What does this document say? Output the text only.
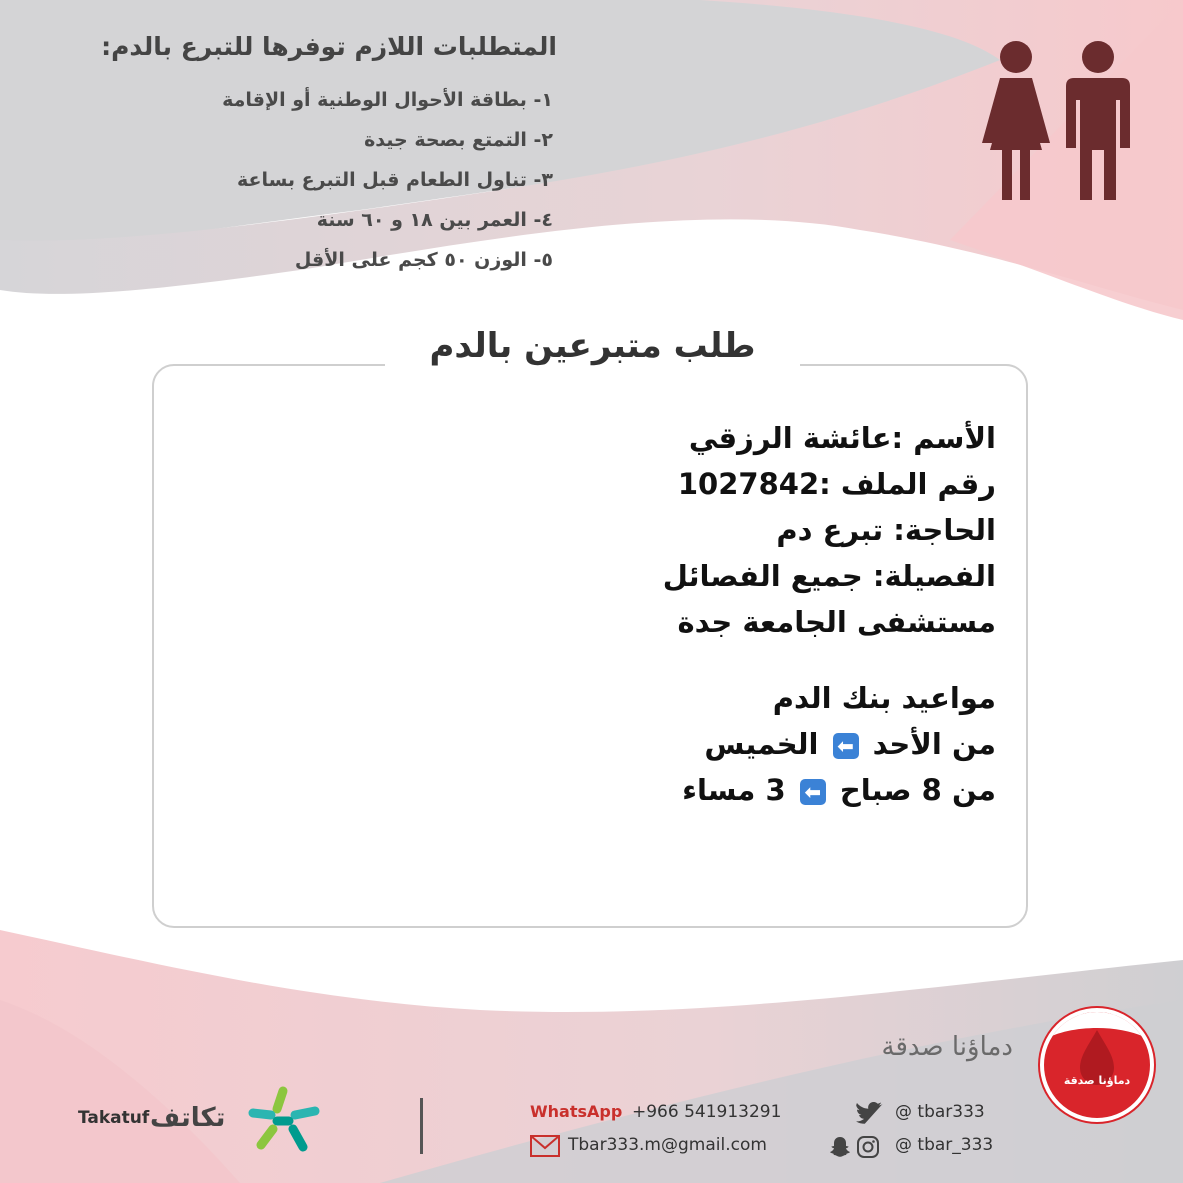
المتطلبات اللازم توفرها للتبرع بالدم:
١- بطاقة الأحوال الوطنية أو الإقامة
٢- التمتع بصحة جيدة
٣- تناول الطعام قبل التبرع بساعة
٤- العمر بين ١٨ و ٦٠ سنة
٥- الوزن ٥٠ كجم على الأقل
طلب متبرعين بالدم
الأسم :عائشة الرزقي
رقم الملف :1027842
الحاجة: تبرع دم
الفصيلة: جميع الفصائل
مستشفى الجامعة جدة
مواعيد بنك الدم
من الأحد ⬅ الخميس
من 8 صباح ⬅ 3 مساء
دماؤنا صدقة
دماؤنا صدقة
WhatsApp +966 541913291
Tbar333.m@gmail.com
@ tbar333
@ tbar_333
تكاتف
Takatuf
